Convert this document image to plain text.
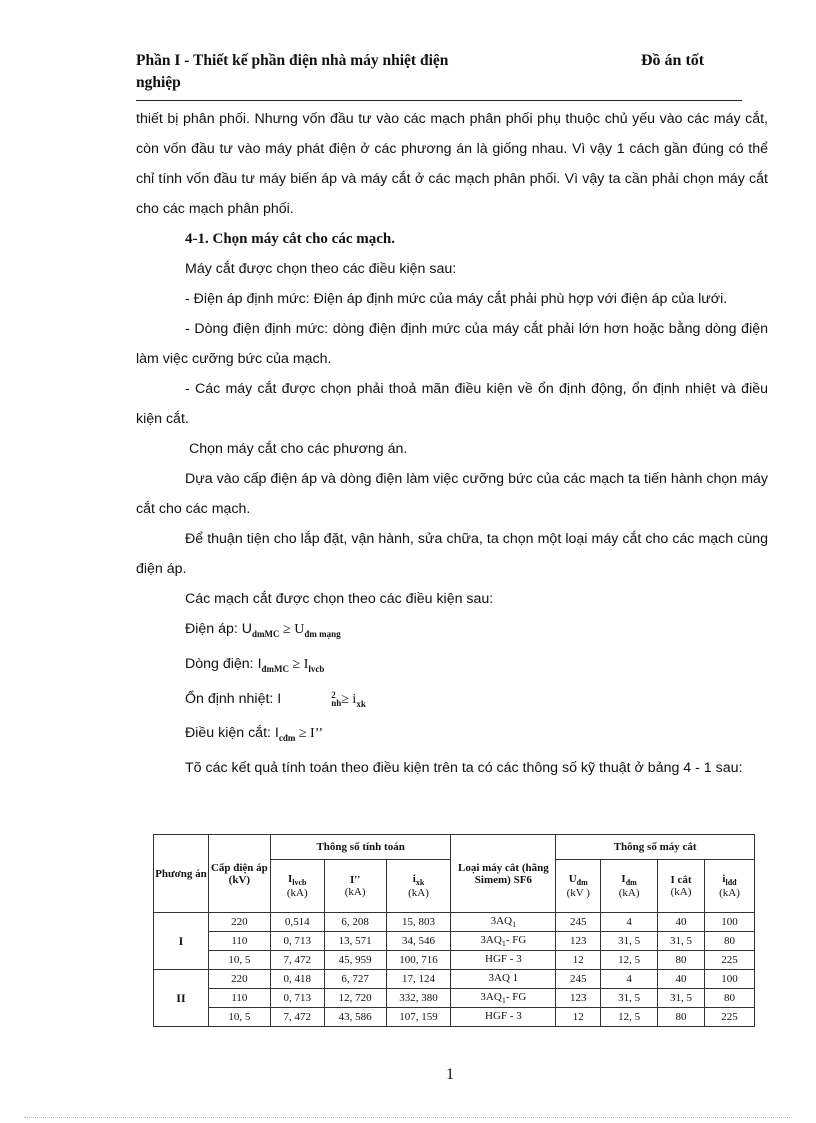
Phần I - Thiết kế phần điện nhà máy nhiệt điện
nghiệp
Đồ án tốt

thiết bị phân phối. Nhưng vốn đầu tư vào các mạch phân phối phụ thuộc chủ yếu vào các máy cắt, còn vốn đầu tư vào máy phát điện ở các phương án là giống nhau. Vì vậy 1 cách gần đúng có thể chỉ tính vốn đầu tư máy biến áp và máy cắt ở các mạch phân phối. Vì vậy ta cần phải chọn máy cắt cho các mạch phân phối.

4-1. Chọn máy cắt cho các mạch.

Máy cắt được chọn theo các điều kiện sau:

- Điện áp định mức: Điện áp định mức của máy cắt phải phù hợp với điện áp của lưới.

- Dòng điện định mức: dòng điện định mức của máy cắt phải lớn hơn hoặc bằng dòng điện làm việc cưỡng bức của mạch.

- Các máy cắt được chọn phải thoả mãn điều kiện về ổn định động, ổn định nhiệt và điều kiện cắt.

Chọn máy cắt cho các phương án.

Dựa vào cấp điện áp và dòng điện làm việc cưỡng bức của các mạch ta tiến hành chọn máy cắt cho các mạch.

Để thuận tiện cho lắp đặt, vận hành, sửa chữa, ta chọn một loại máy cắt cho các mạch cùng điện áp.

Các mạch cắt được chọn theo các điều kiện sau:

Điện áp: $U_{dmMC} \ge U_{đm mạng}$

Dòng điện: $I_{đmMC} \ge I_{lvcb}$

Ổn định nhiệt: I	2
nh ≥ $i_{xk}$

Điều kiện cắt: $I_{cđm} \ge I$’’

Tõ các kết quả tính toán theo điều kiện trên ta có các thông số kỹ thuật ở bảng 4 - 1 sau:

Phương án	Cấp điện áp (kV)	Thông số tính toán			Loại máy cắt (hãng Simem) SF6	Thông số máy cắt			
		$I_{lvcb}$
(kA)	I''
(kA)	$i_{xk}$
(kA)		$U_{đm}$
(kV )	$I_{đm}$
(kA)	I cắt
(kA)	$i_{lđđ}$
(kA)
I	220	0,514	6, 208	15, 803	$3AQ_1$	245	4	40	100
	110	0, 713	13, 571	34, 546	$3AQ_1-$ FG	123	31, 5	31, 5	80
	10, 5	7, 472	45, 959	100, 716	HGF - 3	12	12, 5	80	225
II	220	0, 418	6, 727	17, 124	3AQ 1	245	4	40	100
	110	0, 713	12, 720	332, 380	$3AQ_1-$ FG	123	31, 5	31, 5	80
	10, 5	7, 472	43, 586	107, 159	HGF - 3	12	12, 5	80	225
1
